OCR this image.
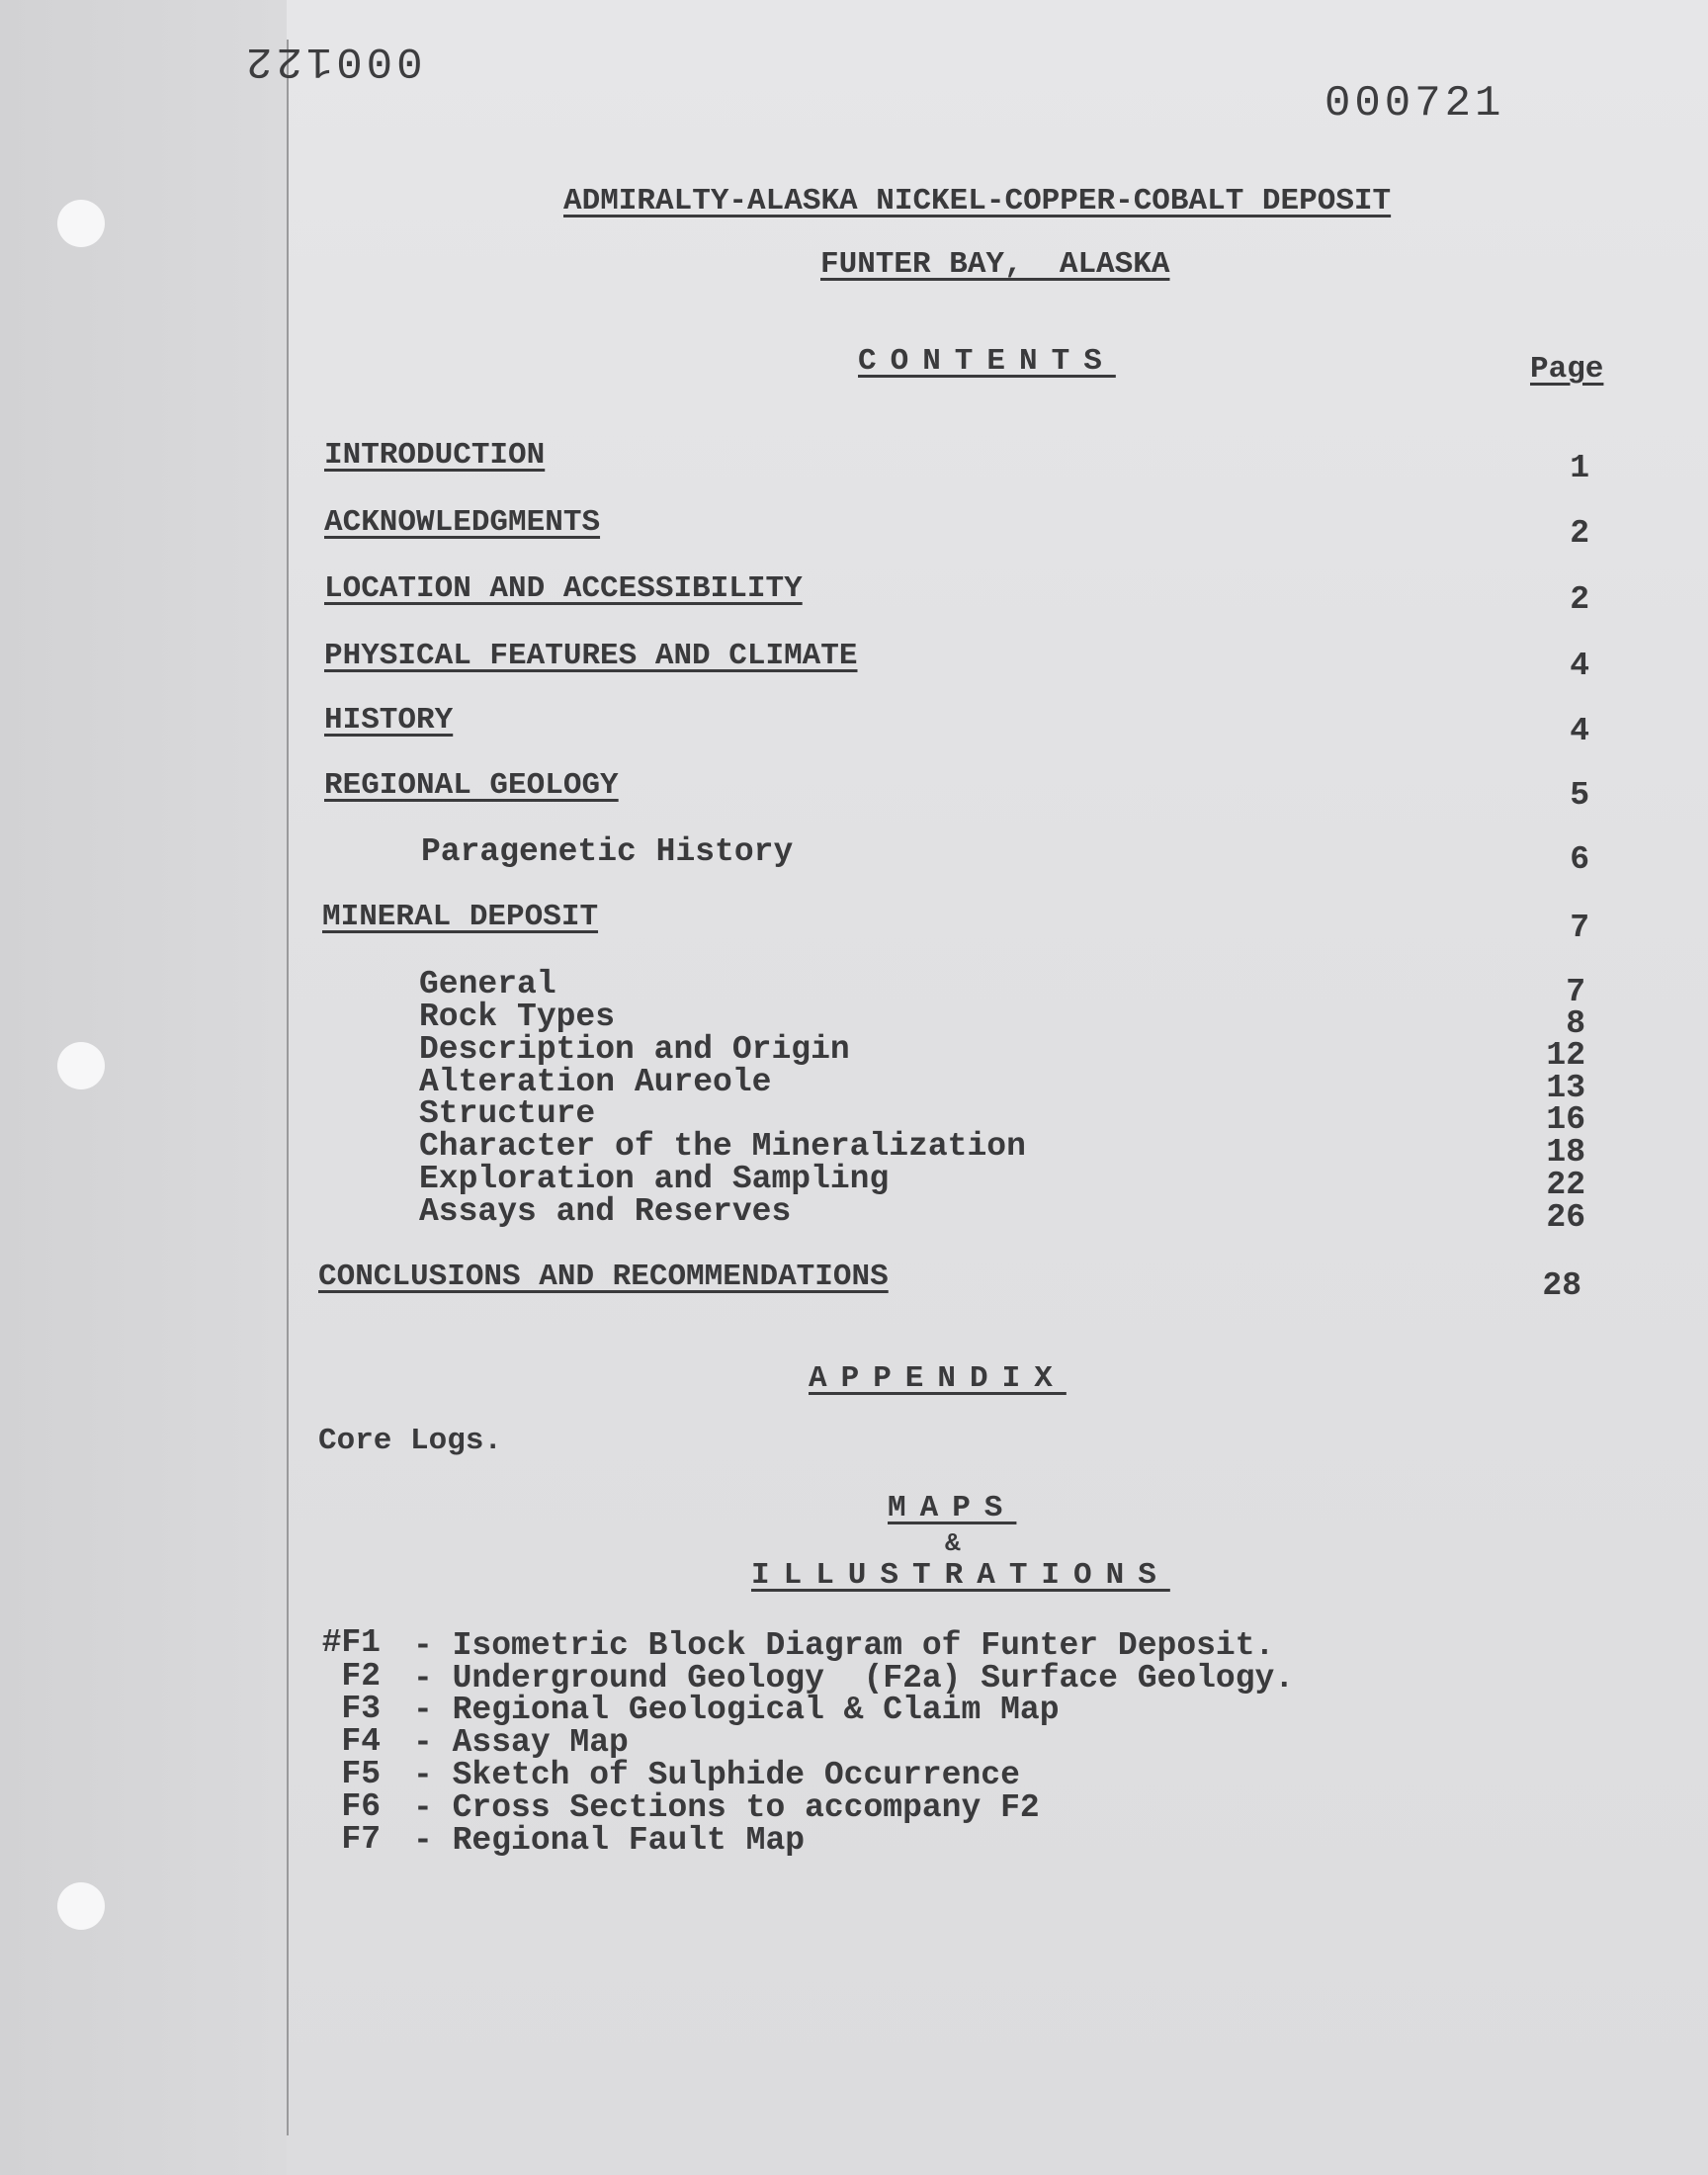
000122
000721
ADMIRALTY-ALASKA NICKEL-COPPER-COBALT DEPOSIT
FUNTER BAY,  ALASKA
CONTENTS	Page
INTRODUCTION	1
ACKNOWLEDGMENTS	2
LOCATION AND ACCESSIBILITY	2
PHYSICAL FEATURES AND CLIMATE	4
HISTORY	4
REGIONAL GEOLOGY	5
Paragenetic History	6
MINERAL DEPOSIT	7
General	7
Rock Types	8
Description and Origin	12
Alteration Aureole	13
Structure	16
Character of the Mineralization	18
Exploration and Sampling	22
Assays and Reserves	26
CONCLUSIONS AND RECOMMENDATIONS	28
APPENDIX
Core Logs.
MAPS
&
ILLUSTRATIONS
#F1 - Isometric Block Diagram of Funter Deposit.
F2 - Underground Geology  (F2a) Surface Geology.
F3 - Regional Geological & Claim Map
F4 - Assay Map
F5 - Sketch of Sulphide Occurrence
F6 - Cross Sections to accompany F2
F7 - Regional Fault Map
